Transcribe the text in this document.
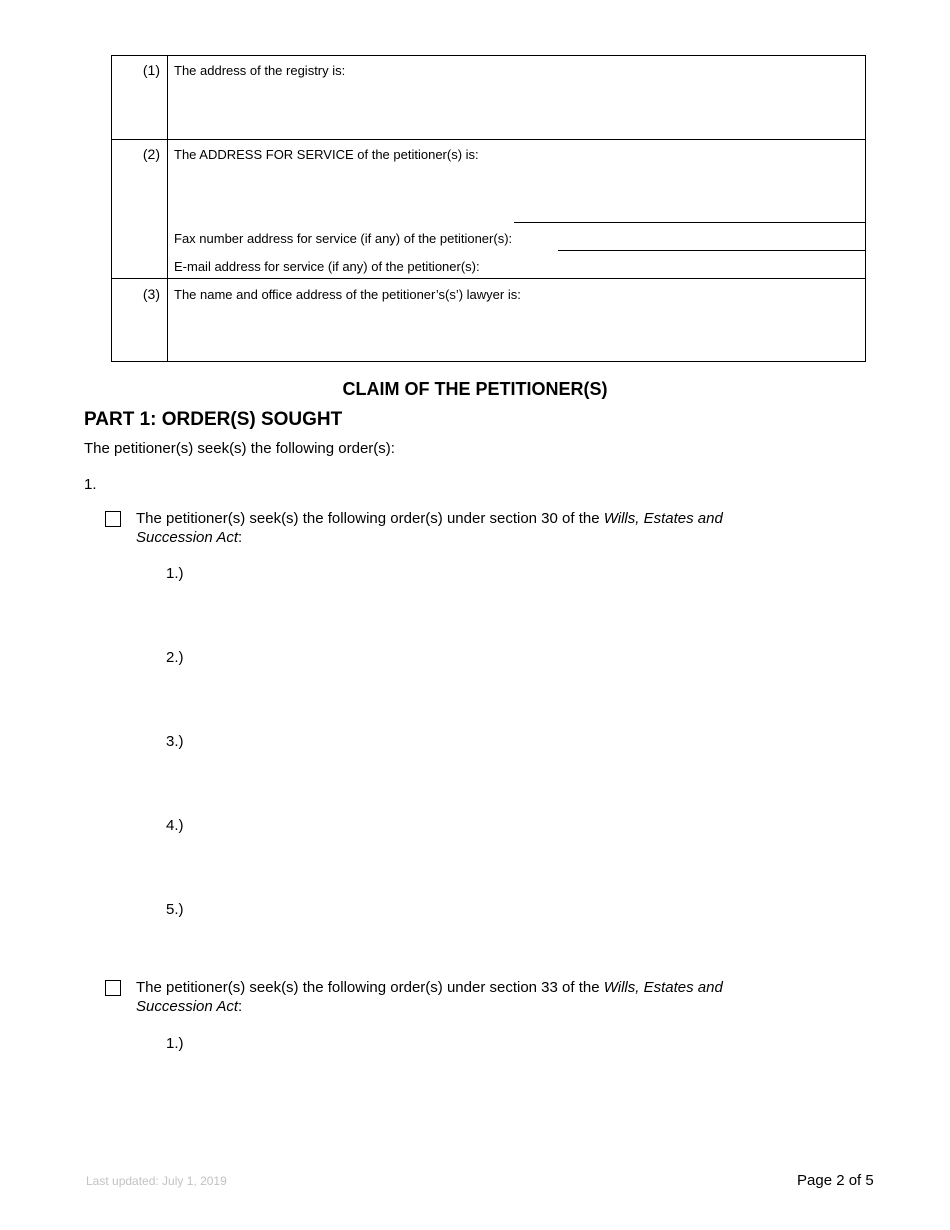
(1) The address of the registry is:
(2) The ADDRESS FOR SERVICE of the petitioner(s) is:
Fax number address for service (if any) of the petitioner(s):
E-mail address for service (if any) of the petitioner(s):
(3) The name and office address of the petitioner’s(s’) lawyer is:
CLAIM OF THE PETITIONER(S)
PART 1: ORDER(S) SOUGHT
The petitioner(s) seek(s) the following order(s):
1.
The petitioner(s) seek(s) the following order(s) under section 30 of the Wills, Estates and
Succession Act:
1.)
2.)
3.)
4.)
5.)
The petitioner(s) seek(s) the following order(s) under section 33 of the Wills, Estates and
Succession Act:
1.)
Last updated: July 1, 2019	Page 2 of 5
